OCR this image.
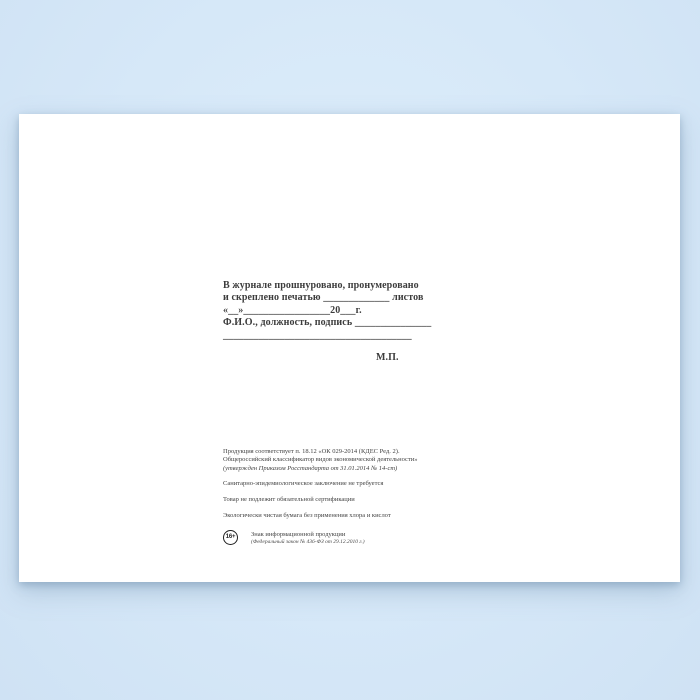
В журнале прошнуровано, пронумеровано
и скреплено печатью _____________ листов
«__»_________________20___г.
Ф.И.О., должность, подпись _______________
_____________________________________
М.П.
Продукция соответствует п. 18.12 «ОК 029-2014 (КДЕС Ред. 2).
Общероссийский классификатор видов экономической деятельности»
(утвержден Приказом Росстандарта от 31.01.2014 № 14-ст)
Санитарно-эпидемиологическое заключение не требуется
Товар не подлежит обязательной сертификации
Экологически чистая бумага без применения хлора и кислот
16+	Знак информационной продукции
(Федеральный закон № 436-ФЗ от 29.12.2010 г.)
